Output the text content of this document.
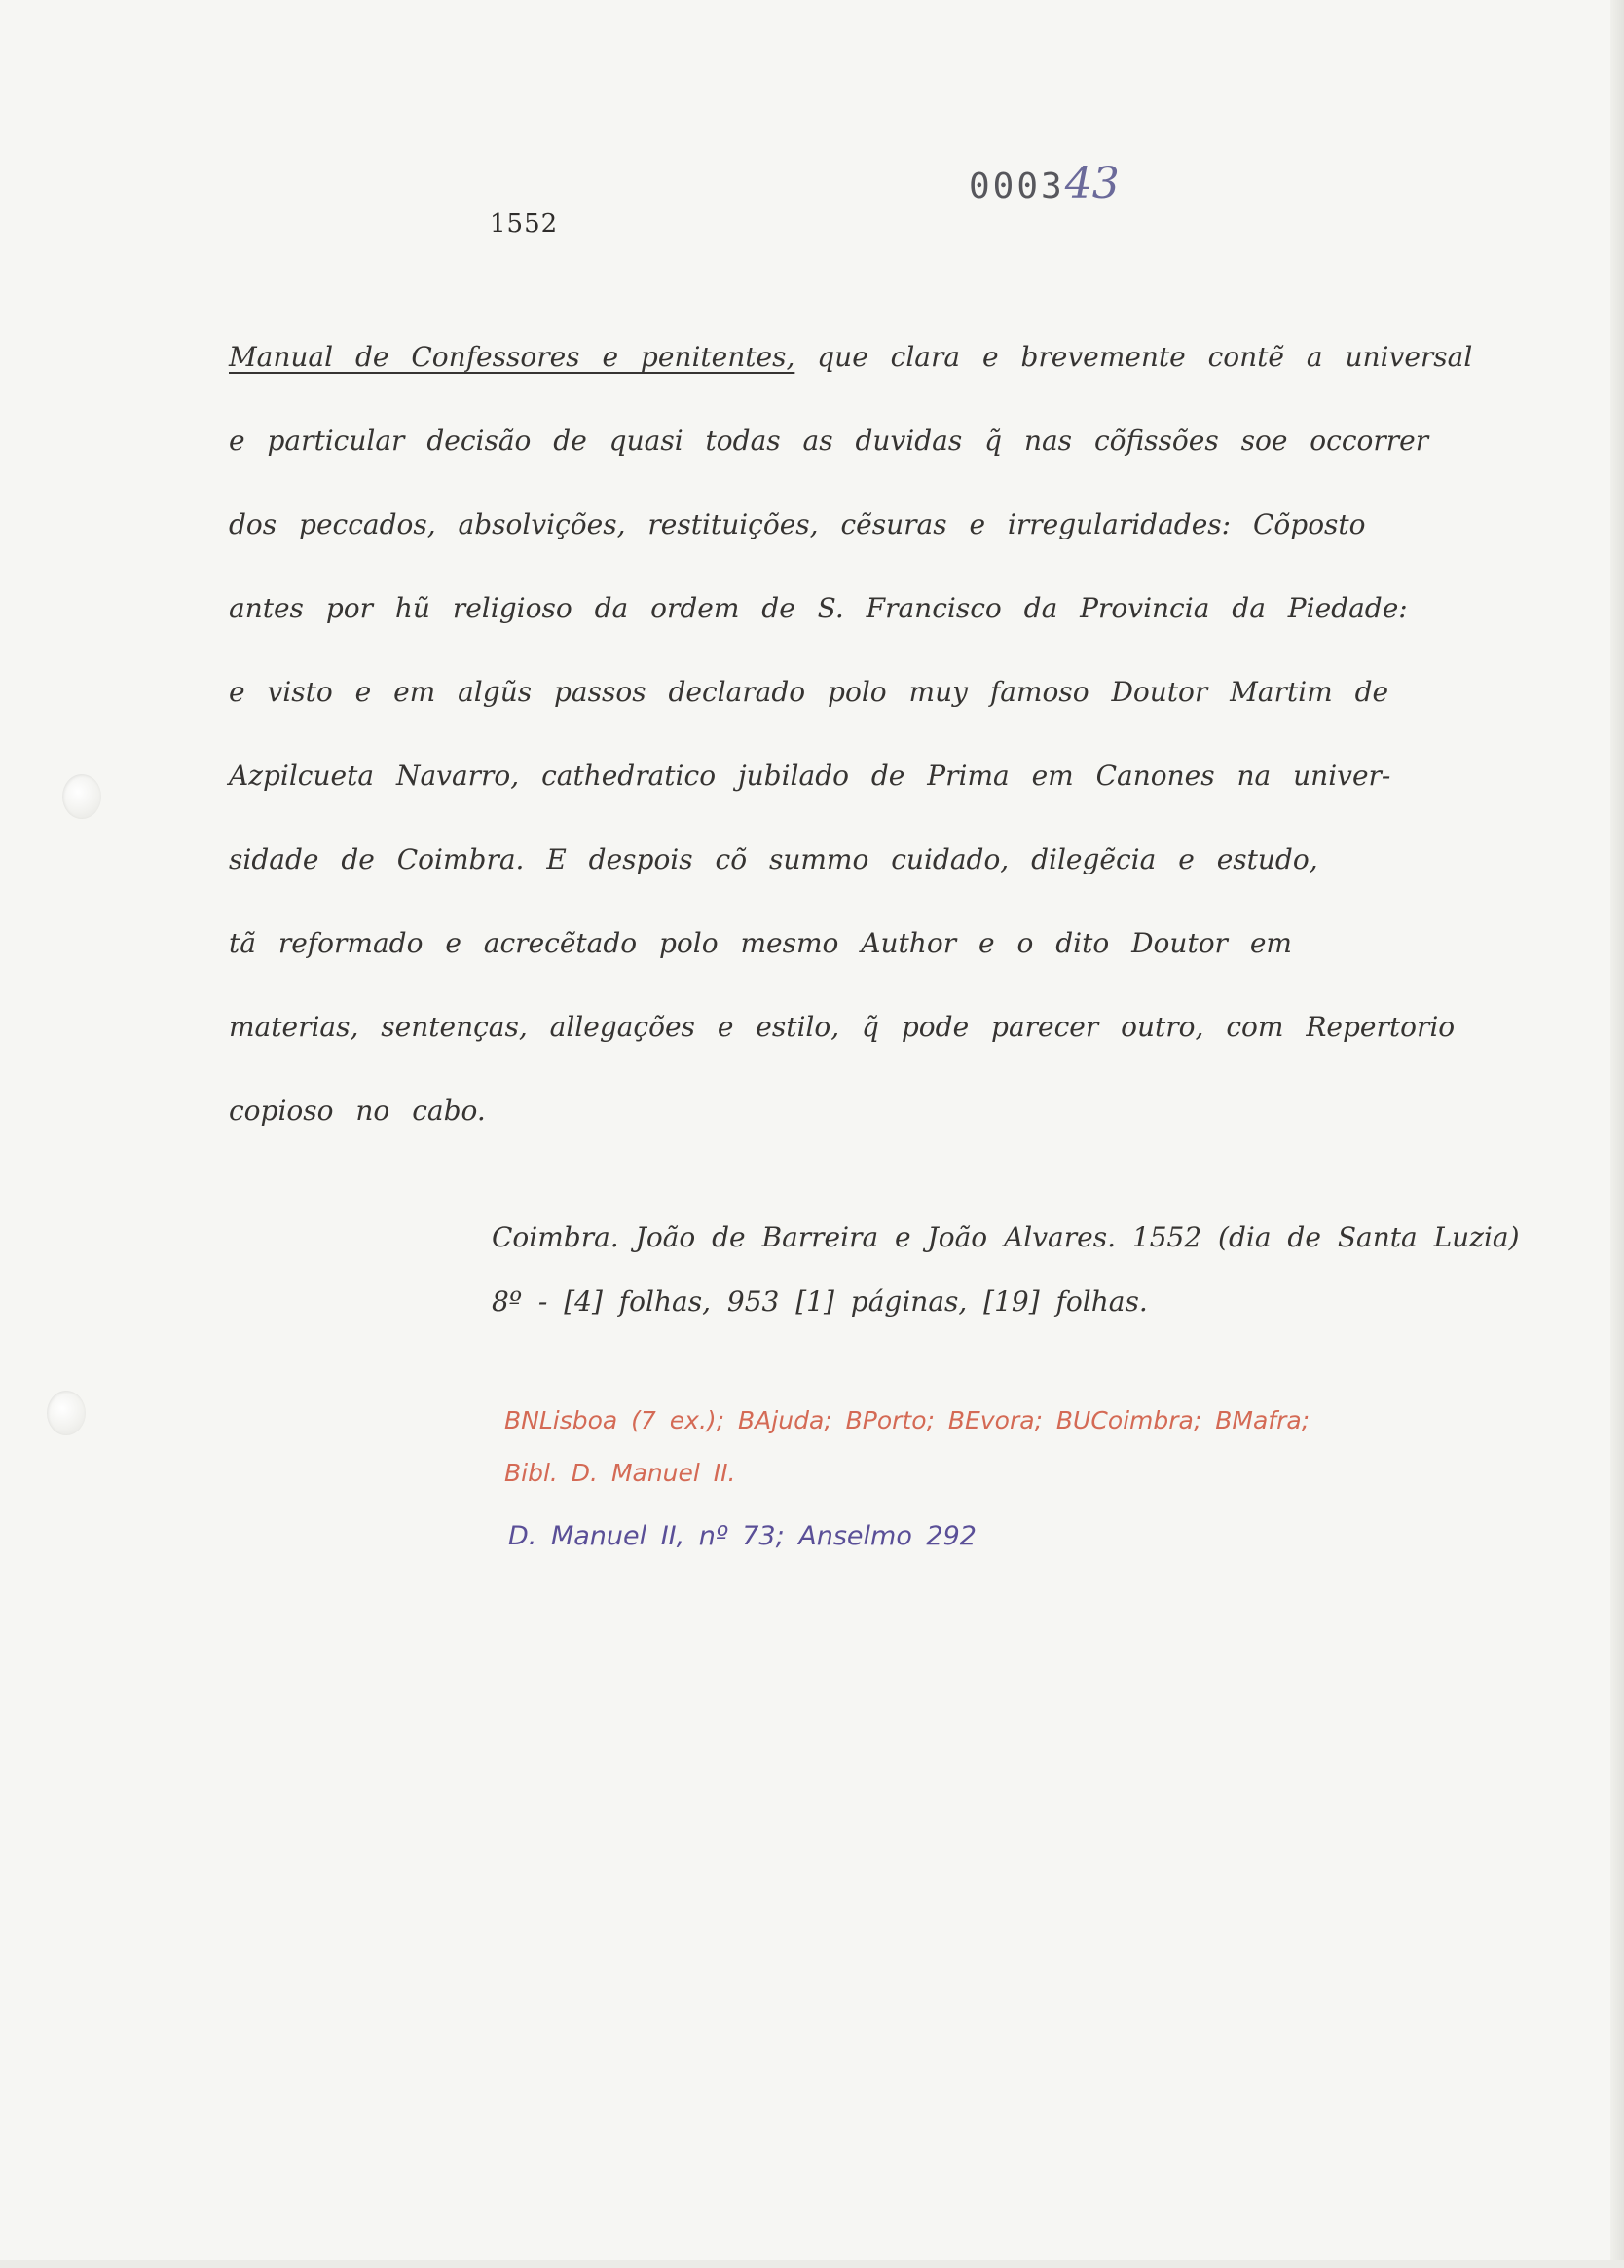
000343
1552
Manual de Confessores e penitentes, que clara e brevemente contẽ a universal
e particular decisão de quasi todas as duvidas q̃ nas cõfissões soe occorrer
dos peccados, absolvições, restituições, cẽsuras e irregularidades: Cõposto
antes por hũ religioso da ordem de S. Francisco da Provincia da Piedade:
e visto e em algũs passos declarado polo muy famoso Doutor Martim de
Azpilcueta Navarro, cathedratico jubilado de Prima em Canones na univer-
sidade de Coimbra. E despois cõ summo cuidado, dilegẽcia e estudo,
tã reformado e acrecẽtado polo mesmo Author e o dito Doutor em
materias, sentenças, allegações e estilo, q̃ pode parecer outro, com Repertorio
copioso no cabo.
Coimbra. João de Barreira e João Alvares. 1552 (dia de Santa Luzia)
8º - [4] folhas, 953 [1] páginas, [19] folhas.
BNLisboa (7 ex.); BAjuda; BPorto; BEvora; BUCoimbra; BMafra;
Bibl. D. Manuel II.
D. Manuel II, nº 73; Anselmo 292
